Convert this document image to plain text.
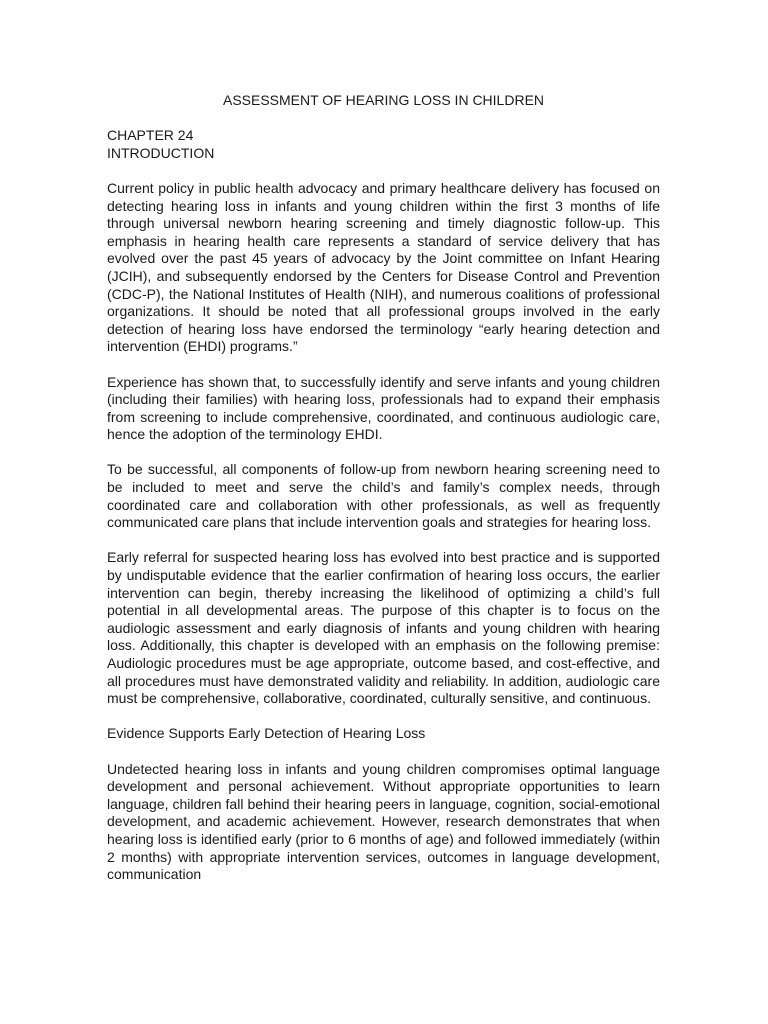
ASSESSMENT OF HEARING LOSS IN CHILDREN
CHAPTER 24
INTRODUCTION

Current policy in public health advocacy and primary healthcare delivery has focused on detecting hearing loss in infants and young children within the first 3 months of life through universal newborn hearing screening and timely diagnostic follow-up. This emphasis in hearing health care represents a standard of service delivery that has evolved over the past 45 years of advocacy by the Joint committee on Infant Hearing (JCIH), and subsequently endorsed by the Centers for Disease Control and Prevention (CDC-P), the National Institutes of Health (NIH), and numerous coalitions of professional organizations. It should be noted that all professional groups involved in the early detection of hearing loss have endorsed the terminology “early hearing detection and intervention (EHDI) programs.”

Experience has shown that, to successfully identify and serve infants and young children (including their families) with hearing loss, professionals had to expand their emphasis from screening to include comprehensive, coordinated, and continuous audiologic care, hence the adoption of the terminology EHDI.

To be successful, all components of follow-up from newborn hearing screening need to be included to meet and serve the child’s and family’s complex needs, through coordinated care and collaboration with other professionals, as well as frequently communicated care plans that include intervention goals and strategies for hearing loss.

Early referral for suspected hearing loss has evolved into best practice and is supported by undisputable evidence that the earlier confirmation of hearing loss occurs, the earlier intervention can begin, thereby increasing the likelihood of optimizing a child’s full potential in all developmental areas. The purpose of this chapter is to focus on the audiologic assessment and early diagnosis of infants and young children with hearing loss. Additionally, this chapter is developed with an emphasis on the following premise: Audiologic procedures must be age appropriate, outcome based, and cost-effective, and all procedures must have demonstrated validity and reliability. In addition, audiologic care must be comprehensive, collaborative, coordinated, culturally sensitive, and continuous.

Evidence Supports Early Detection of Hearing Loss

Undetected hearing loss in infants and young children compromises optimal language development and personal achievement. Without appropriate opportunities to learn language, children fall behind their hearing peers in language, cognition, social-emotional development, and academic achievement. However, research demonstrates that when hearing loss is identified early (prior to 6 months of age) and followed immediately (within 2 months) with appropriate intervention services, outcomes in language development, communication
